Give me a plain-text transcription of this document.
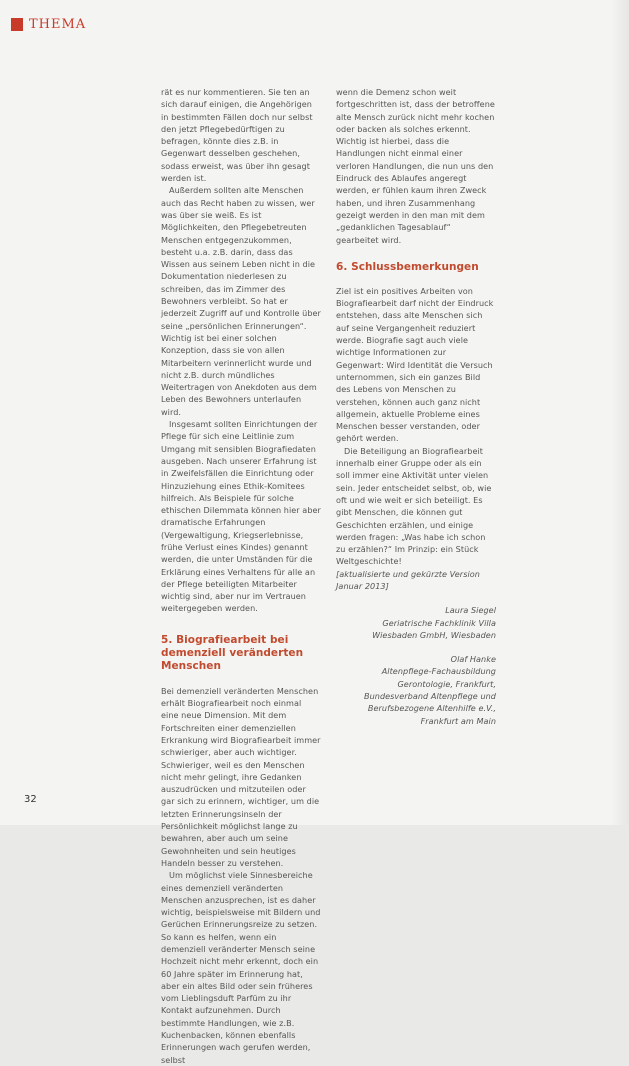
THEMA

rät es nur kommentieren. Sie ten an sich darauf einigen, die Angehörigen in bestimmten Fällen doch nur selbst den jetzt Pflegebedürftigen zu befragen, könnte dies z.B. in Gegenwart desselben geschehen, sodass erweist, was über ihn gesagt werden ist.

Außerdem sollten alte Menschen auch das Recht haben zu wissen, wer was über sie weiß. Es ist Möglichkeiten, den Pflegebetreuten Menschen entgegenzukommen, besteht u.a. z.B. darin, dass das Wissen aus seinem Leben nicht in die Dokumentation niederlesen zu schreiben, das im Zimmer des Bewohners verbleibt. So hat er jederzeit Zugriff auf und Kontrolle über seine „persönlichen Erinnerungen“. Wichtig ist bei einer solchen Konzeption, dass sie von allen Mitarbeitern verinnerlicht wurde und nicht z.B. durch mündliches Weitertragen von Anekdoten aus dem Leben des Bewohners unterlaufen wird.

Insgesamt sollten Einrichtungen der Pflege für sich eine Leitlinie zum Umgang mit sensiblen Biografiedaten ausgeben. Nach unserer Erfahrung ist in Zweifelsfällen die Einrichtung oder Hinzuziehung eines Ethik-Komitees hilfreich. Als Beispiele für solche ethischen Dilemmata können hier aber dramatische Erfahrungen (Vergewaltigung, Kriegserlebnisse, frühe Verlust eines Kindes) genannt werden, die unter Umständen für die Erklärung eines Verhaltens für alle an der Pflege beteiligten Mitarbeiter wichtig sind, aber nur im Vertrauen weitergegeben werden.

5. Biografiearbeit bei demenziell veränderten Menschen

Bei demenziell veränderten Menschen erhält Biografiearbeit noch einmal eine neue Dimension. Mit dem Fortschreiten einer demenziellen Erkrankung wird Biografiearbeit immer schwieriger, aber auch wichtiger. Schwieriger, weil es den Menschen nicht mehr gelingt, ihre Gedanken auszudrücken und mitzuteilen oder gar sich zu erinnern, wichtiger, um die letzten Erinnerungsinseln der Persönlichkeit möglichst lange zu bewahren, aber auch um seine Gewohnheiten und sein heutiges Handeln besser zu verstehen.

Um möglichst viele Sinnesbereiche eines demenziell veränderten Menschen anzusprechen, ist es daher wichtig, beispielsweise mit Bildern und Gerüchen Erinnerungsreize zu setzen. So kann es helfen, wenn ein demenziell veränderter Mensch seine Hochzeit nicht mehr erkennt, doch ein 60 Jahre später im Erinnerung hat, aber ein altes Bild oder sein früheres vom Lieblingsduft Parfüm zu ihr Kontakt aufzunehmen. Durch bestimmte Handlungen, wie z.B. Kuchenbacken, können ebenfalls Erinnerungen wach gerufen werden, selbst

wenn die Demenz schon weit fortgeschritten ist, dass der betroffene alte Mensch zurück nicht mehr kochen oder backen als solches erkennt. Wichtig ist hierbei, dass die Handlungen nicht einmal einer verloren Handlungen, die nun uns den Eindruck des Ablaufes angeregt werden, er fühlen kaum ihren Zweck haben, und ihren Zusammenhang gezeigt werden in den man mit dem „gedanklichen Tagesablauf“ gearbeitet wird.

6. Schlussbemerkungen

Ziel ist ein positives Arbeiten von Biografiearbeit darf nicht der Eindruck entstehen, dass alte Menschen sich auf seine Vergangenheit reduziert werde. Biografie sagt auch viele wichtige Informationen zur Gegenwart: Wird Identität die Versuch unternommen, sich ein ganzes Bild des Lebens von Menschen zu verstehen, können auch ganz nicht allgemein, aktuelle Probleme eines Menschen besser verstanden, oder gehört werden.

Die Beteiligung an Biografiearbeit innerhalb einer Gruppe oder als ein soll immer eine Aktivität unter vielen sein. Jeder entscheidet selbst, ob, wie oft und wie weit er sich beteiligt. Es gibt Menschen, die können gut Geschichten erzählen, und einige werden fragen: „Was habe ich schon zu erzählen?“ Im Prinzip: ein Stück Weltgeschichte!

[aktualisierte und gekürzte Version Januar 2013]

Laura Siegel

Geriatrische Fachklinik Villa Wiesbaden GmbH, Wiesbaden

Olaf Hanke

Altenpflege-Fachausbildung Gerontologie, Frankfurt, Bundesverband Altenpflege und Berufsbezogene Altenhilfe e.V., Frankfurt am Main

32
